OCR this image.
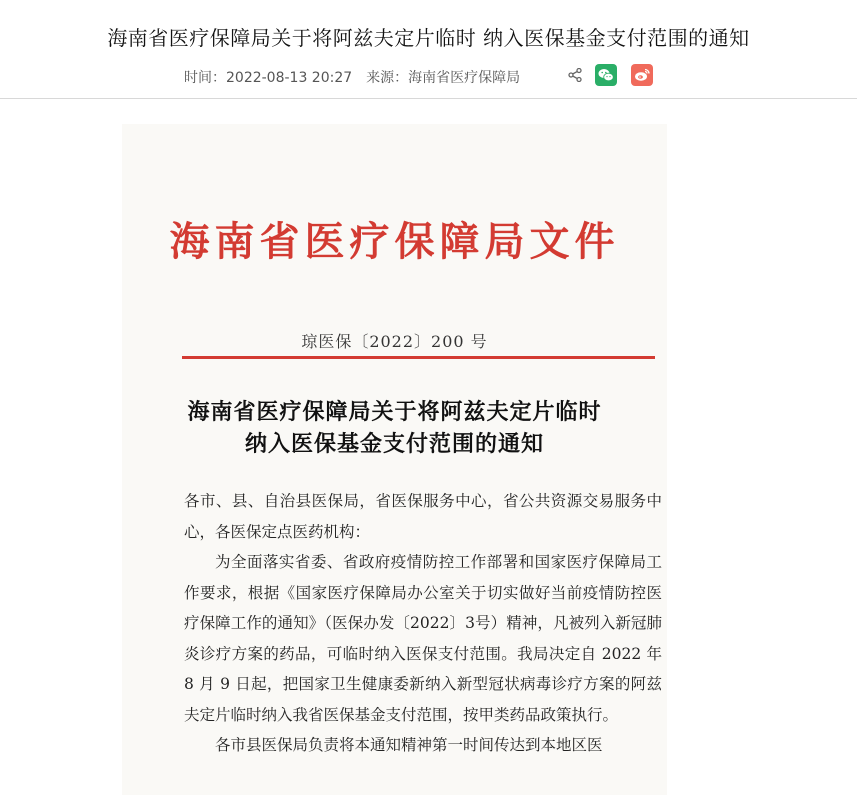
海南省医疗保障局关于将阿兹夫定片临时 纳入医保基金支付范围的通知
时间：2022-08-13 20:27 来源：海南省医疗保障局
海南省医疗保障局文件
琼医保〔2022〕200 号
海南省医疗保障局关于将阿兹夫定片临时
纳入医保基金支付范围的通知

各市、县、自治县医保局，省医保服务中心，省公共资源交易服务中心，各医保定点医药机构：

为全面落实省委、省政府疫情防控工作部署和国家医疗保障局工作要求，根据《国家医疗保障局办公室关于切实做好当前疫情防控医疗保障工作的通知》（医保办发〔2022〕3号）精神，凡被列入新冠肺炎诊疗方案的药品，可临时纳入医保支付范围。我局决定自 2022 年 8 月 9 日起，把国家卫生健康委新纳入新型冠状病毒诊疗方案的阿兹夫定片临时纳入我省医保基金支付范围，按甲类药品政策执行。

各市县医保局负责将本通知精神第一时间传达到本地区医
